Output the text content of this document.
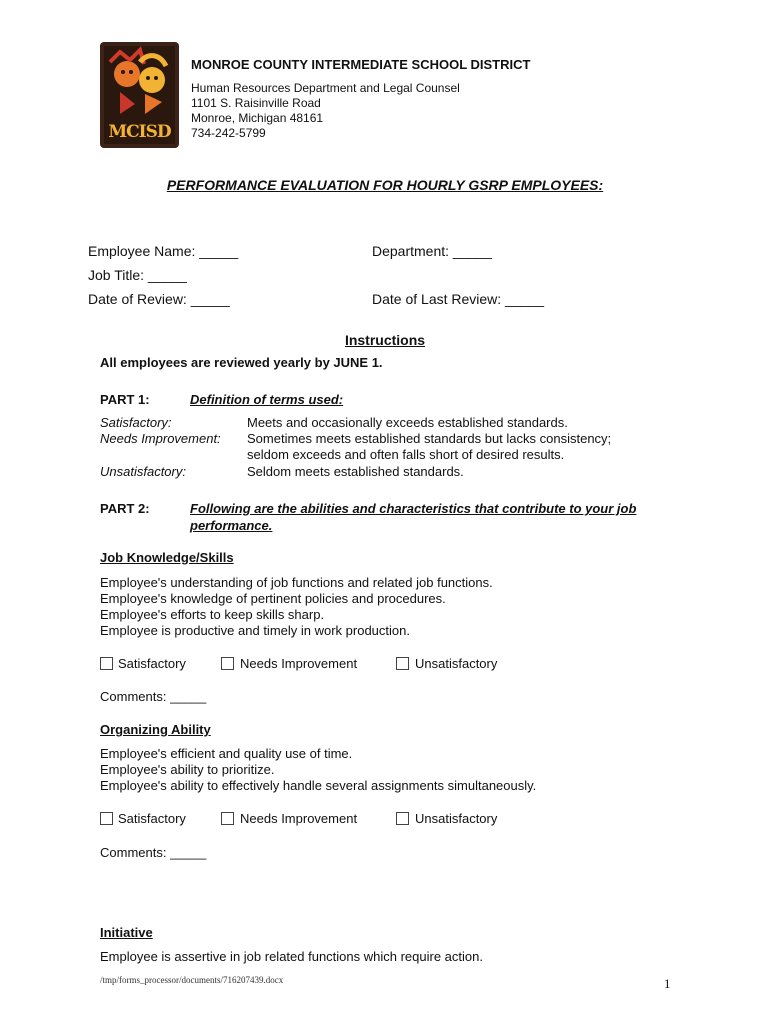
MCISD
MONROE COUNTY INTERMEDIATE SCHOOL DISTRICT
Human Resources Department and Legal Counsel
1101 S. Raisinville Road
Monroe, Michigan 48161
734-242-5799
PERFORMANCE EVALUATION FOR HOURLY GSRP EMPLOYEES:
Employee Name: _____	Department: _____
Job Title: _____
Date of Review: _____	Date of Last Review: _____
Instructions
All employees are reviewed yearly by JUNE 1.
PART 1:	Definition of terms used:
Satisfactory:	Meets and occasionally exceeds established standards.
Needs Improvement: Sometimes meets established standards but lacks consistency;
seldom exceeds and often falls short of desired results.
Unsatisfactory:	Seldom meets established standards.
PART 2:	Following are the abilities and characteristics that contribute to your job
performance.
Job Knowledge/Skills
Employee's understanding of job functions and related job functions.
Employee's knowledge of pertinent policies and procedures.
Employee's efforts to keep skills sharp.
Employee is productive and timely in work production.
Satisfactory	Needs Improvement	Unsatisfactory
Comments: _____
Organizing Ability
Employee's efficient and quality use of time.
Employee's ability to prioritize.
Employee's ability to effectively handle several assignments simultaneously.
Satisfactory	Needs Improvement	Unsatisfactory
Comments: _____
Initiative
Employee is assertive in job related functions which require action.
/tmp/forms_processor/documents/716207439.docx	1
